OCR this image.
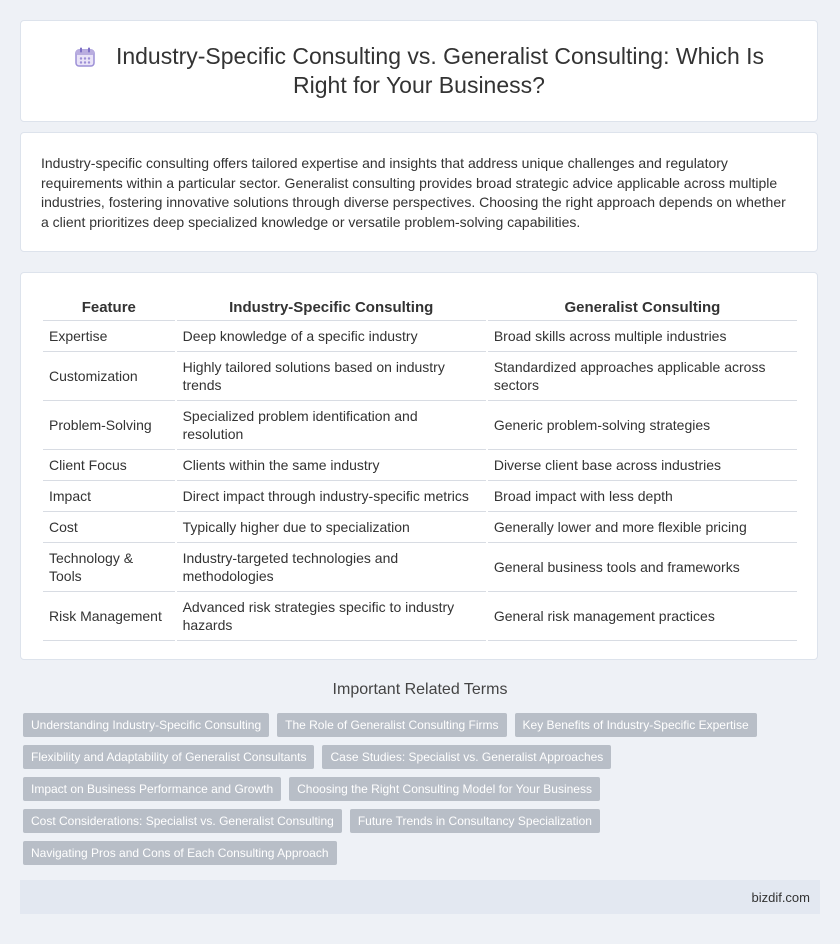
Industry-Specific Consulting vs. Generalist Consulting: Which Is Right for Your Business?

Industry-specific consulting offers tailored expertise and insights that address unique challenges and regulatory requirements within a particular sector. Generalist consulting provides broad strategic advice applicable across multiple industries, fostering innovative solutions through diverse perspectives. Choosing the right approach depends on whether a client prioritizes deep specialized knowledge or versatile problem-solving capabilities.

Feature	Industry-Specific Consulting	Generalist Consulting
Expertise	Deep knowledge of a specific industry	Broad skills across multiple industries
Customization	Highly tailored solutions based on industry trends	Standardized approaches applicable across sectors
Problem-Solving	Specialized problem identification and resolution	Generic problem-solving strategies
Client Focus	Clients within the same industry	Diverse client base across industries
Impact	Direct impact through industry-specific metrics	Broad impact with less depth
Cost	Typically higher due to specialization	Generally lower and more flexible pricing
Technology & Tools	Industry-targeted technologies and methodologies	General business tools and frameworks
Risk Management	Advanced risk strategies specific to industry hazards	General risk management practices
Important Related Terms
Understanding Industry-Specific Consulting	The Role of Generalist Consulting Firms	Key Benefits of Industry-Specific Expertise
Flexibility and Adaptability of Generalist Consultants	Case Studies: Specialist vs. Generalist Approaches
Impact on Business Performance and Growth	Choosing the Right Consulting Model for Your Business
Cost Considerations: Specialist vs. Generalist Consulting	Future Trends in Consultancy Specialization
Navigating Pros and Cons of Each Consulting Approach
bizdif.com
